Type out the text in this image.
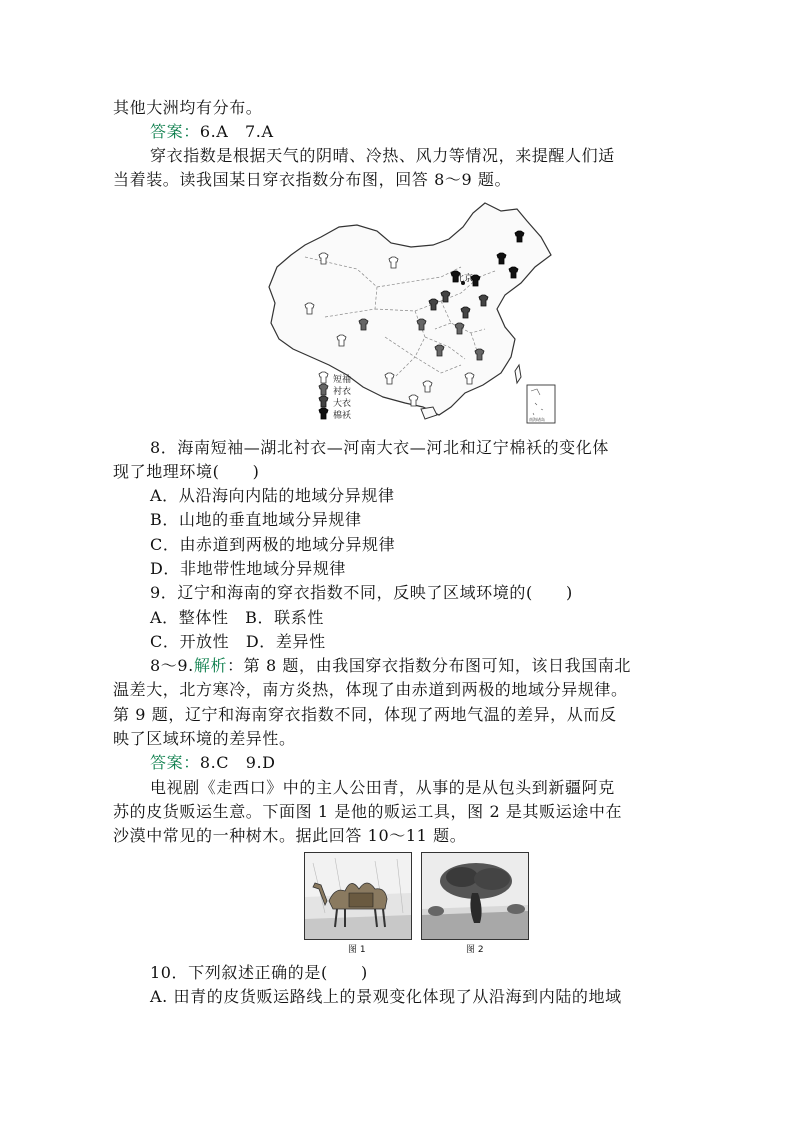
其他大洲均有分布。
答案：6.A　7.A
穿衣指数是根据天气的阴晴、冷热、风力等情况，来提醒人们适
当着装。读我国某日穿衣指数分布图，回答 8～9 题。
北京
短袖
衬衣
大衣
棉袄	南海诸岛
8．海南短袖—湖北衬衣—河南大衣—河北和辽宁棉袄的变化体
现了地理环境(　　)
A．从沿海向内陆的地域分异规律
B．山地的垂直地域分异规律
C．由赤道到两极的地域分异规律
D．非地带性地域分异规律
9．辽宁和海南的穿衣指数不同，反映了区域环境的(　　)
A．整体性　B．联系性
C．开放性　D．差异性
8～9.解析：第 8 题，由我国穿衣指数分布图可知，该日我国南北
温差大，北方寒冷，南方炎热，体现了由赤道到两极的地域分异规律。
第 9 题，辽宁和海南穿衣指数不同，体现了两地气温的差异，从而反
映了区域环境的差异性。
答案：8.C　9.D
电视剧《走西口》中的主人公田青，从事的是从包头到新疆阿克
苏的皮货贩运生意。下面图 1 是他的贩运工具，图 2 是其贩运途中在
沙漠中常见的一种树木。据此回答 10～11 题。
图 1	图 2
10．下列叙述正确的是(　　)
A. 田青的皮货贩运路线上的景观变化体现了从沿海到内陆的地域
